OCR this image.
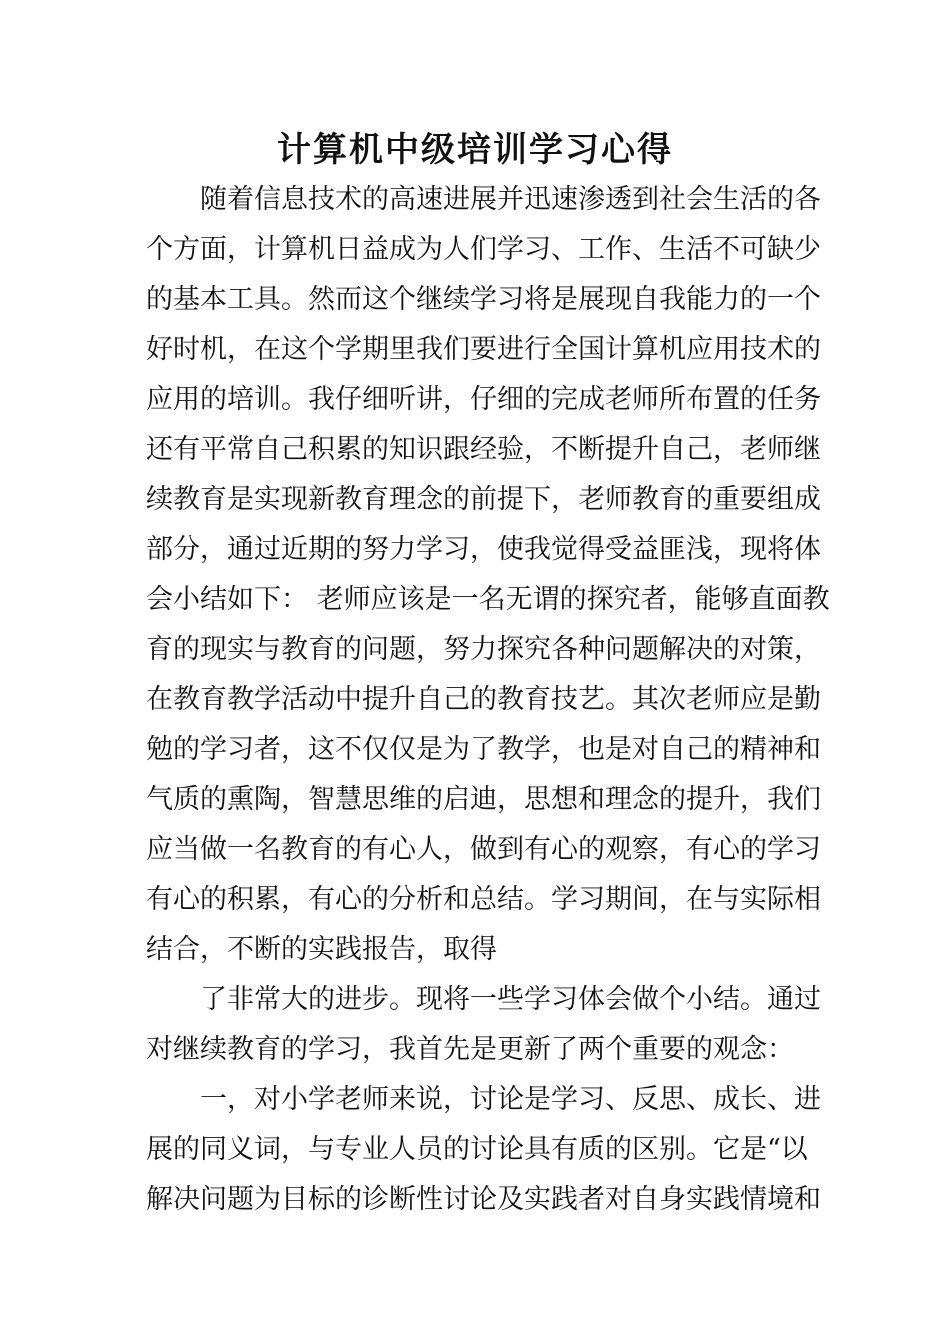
计算机中级培训学习心得

随着信息技术的高速进展并迅速渗透到社会生活的各

个方面，计算机日益成为人们学习、工作、生活不可缺少

的基本工具。然而这个继续学习将是展现自我能力的一个

好时机，在这个学期里我们要进行全国计算机应用技术的

应用的培训。我仔细听讲，仔细的完成老师所布置的任务

还有平常自己积累的知识跟经验，不断提升自己，老师继

续教育是实现新教育理念的前提下，老师教育的重要组成

部分，通过近期的努力学习，使我觉得受益匪浅，现将体

会小结如下： 老师应该是一名无谓的探究者，能够直面教

育的现实与教育的问题，努力探究各种问题解决的对策，

在教育教学活动中提升自己的教育技艺。其次老师应是勤

勉的学习者，这不仅仅是为了教学，也是对自己的精神和

气质的熏陶，智慧思维的启迪，思想和理念的提升，我们

应当做一名教育的有心人，做到有心的观察，有心的学习

有心的积累，有心的分析和总结。学习期间，在与实际相

结合，不断的实践报告，取得

了非常大的进步。现将一些学习体会做个小结。通过

对继续教育的学习，我首先是更新了两个重要的观念：

一，对小学老师来说，讨论是学习、反思、成长、进

展的同义词，与专业人员的讨论具有质的区别。它是“以

解决问题为目标的诊断性讨论及实践者对自身实践情境和
